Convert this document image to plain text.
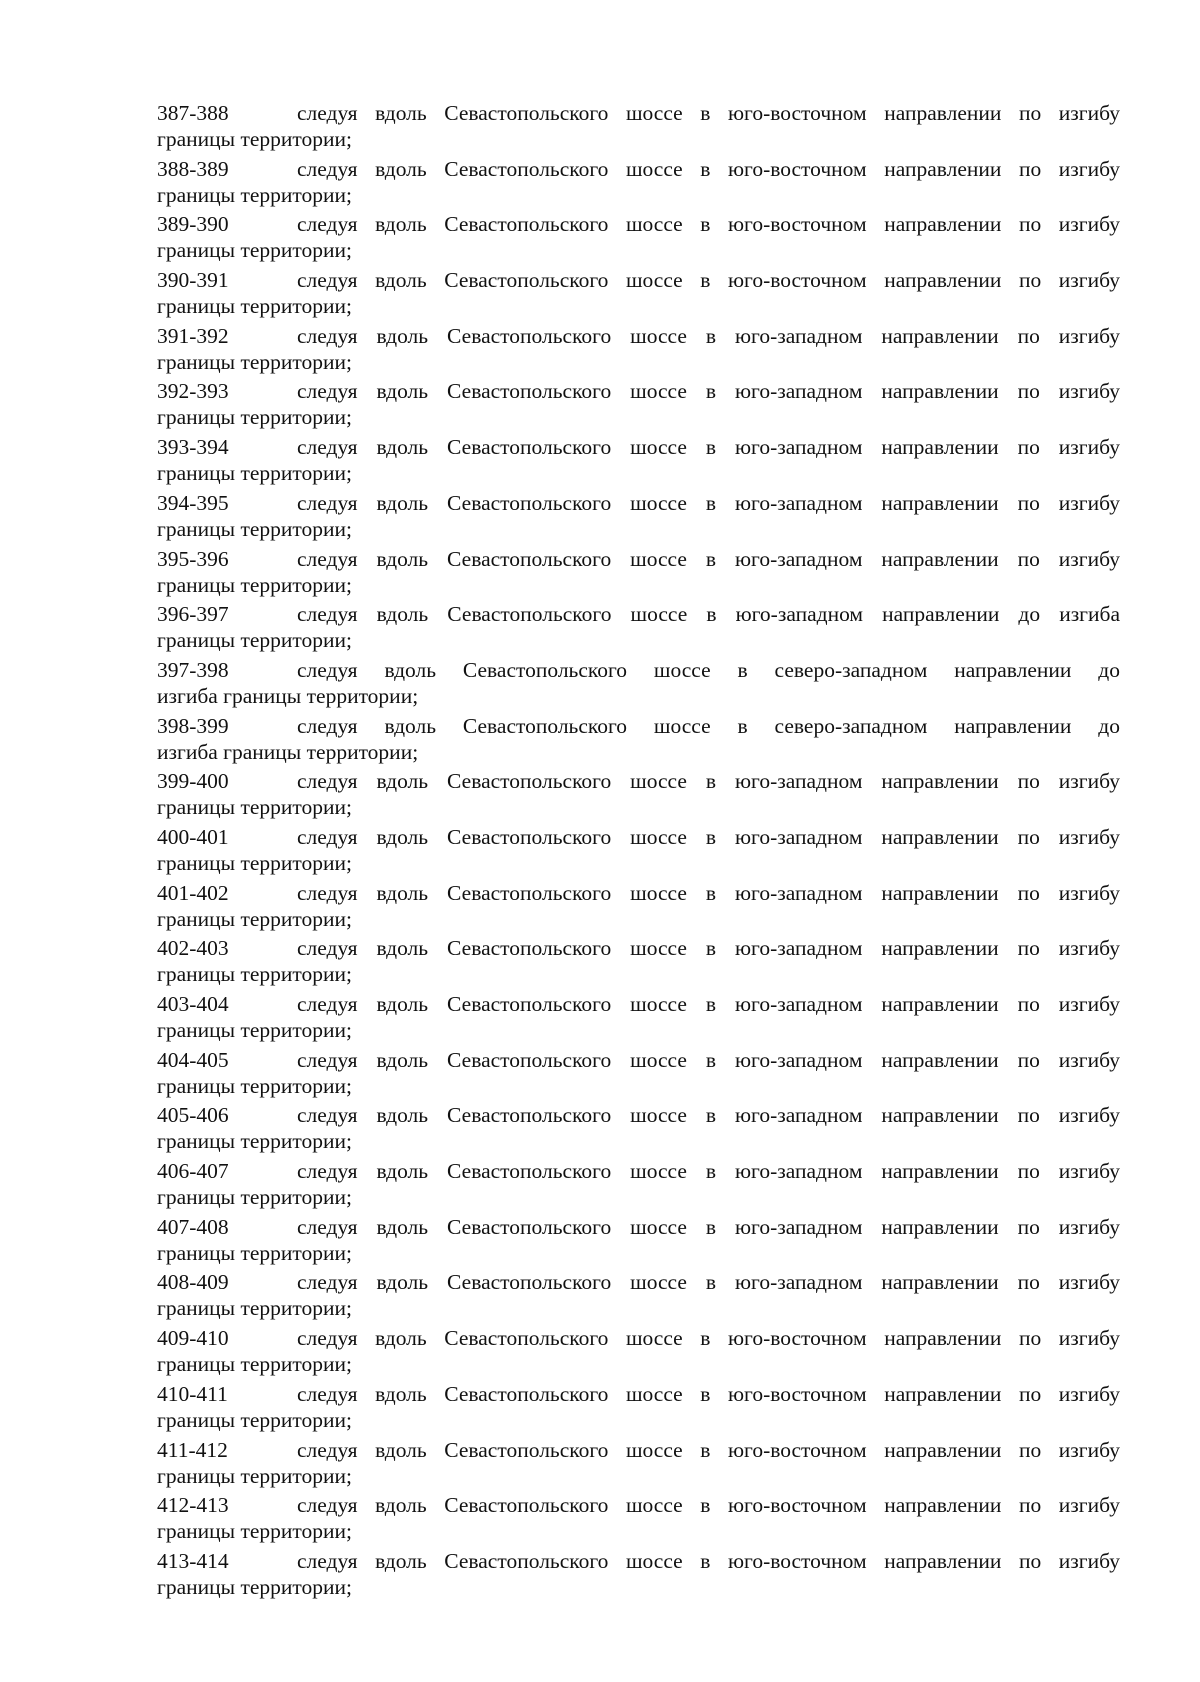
387-388	следуя вдоль Севастопольского шоссе в юго-восточном направлении по изгибу
границы территории;
388-389	следуя вдоль Севастопольского шоссе в юго-восточном направлении по изгибу
границы территории;
389-390	следуя вдоль Севастопольского шоссе в юго-восточном направлении по изгибу
границы территории;
390-391	следуя вдоль Севастопольского шоссе в юго-восточном направлении по изгибу
границы территории;
391-392	следуя вдоль Севастопольского шоссе в юго-западном направлении по изгибу
границы территории;
392-393	следуя вдоль Севастопольского шоссе в юго-западном направлении по изгибу
границы территории;
393-394	следуя вдоль Севастопольского шоссе в юго-западном направлении по изгибу
границы территории;
394-395	следуя вдоль Севастопольского шоссе в юго-западном направлении по изгибу
границы территории;
395-396	следуя вдоль Севастопольского шоссе в юго-западном направлении по изгибу
границы территории;
396-397	следуя вдоль Севастопольского шоссе в юго-западном направлении до изгиба
границы территории;
397-398	следуя вдоль Севастопольского шоссе в северо-западном направлении до
изгиба границы территории;
398-399	следуя вдоль Севастопольского шоссе в северо-западном направлении до
изгиба границы территории;
399-400	следуя вдоль Севастопольского шоссе в юго-западном направлении по изгибу
границы территории;
400-401	следуя вдоль Севастопольского шоссе в юго-западном направлении по изгибу
границы территории;
401-402	следуя вдоль Севастопольского шоссе в юго-западном направлении по изгибу
границы территории;
402-403	следуя вдоль Севастопольского шоссе в юго-западном направлении по изгибу
границы территории;
403-404	следуя вдоль Севастопольского шоссе в юго-западном направлении по изгибу
границы территории;
404-405	следуя вдоль Севастопольского шоссе в юго-западном направлении по изгибу
границы территории;
405-406	следуя вдоль Севастопольского шоссе в юго-западном направлении по изгибу
границы территории;
406-407	следуя вдоль Севастопольского шоссе в юго-западном направлении по изгибу
границы территории;
407-408	следуя вдоль Севастопольского шоссе в юго-западном направлении по изгибу
границы территории;
408-409	следуя вдоль Севастопольского шоссе в юго-западном направлении по изгибу
границы территории;
409-410	следуя вдоль Севастопольского шоссе в юго-восточном направлении по изгибу
границы территории;
410-411	следуя вдоль Севастопольского шоссе в юго-восточном направлении по изгибу
границы территории;
411-412	следуя вдоль Севастопольского шоссе в юго-восточном направлении по изгибу
границы территории;
412-413	следуя вдоль Севастопольского шоссе в юго-восточном направлении по изгибу
границы территории;
413-414	следуя вдоль Севастопольского шоссе в юго-восточном направлении по изгибу
границы территории;
